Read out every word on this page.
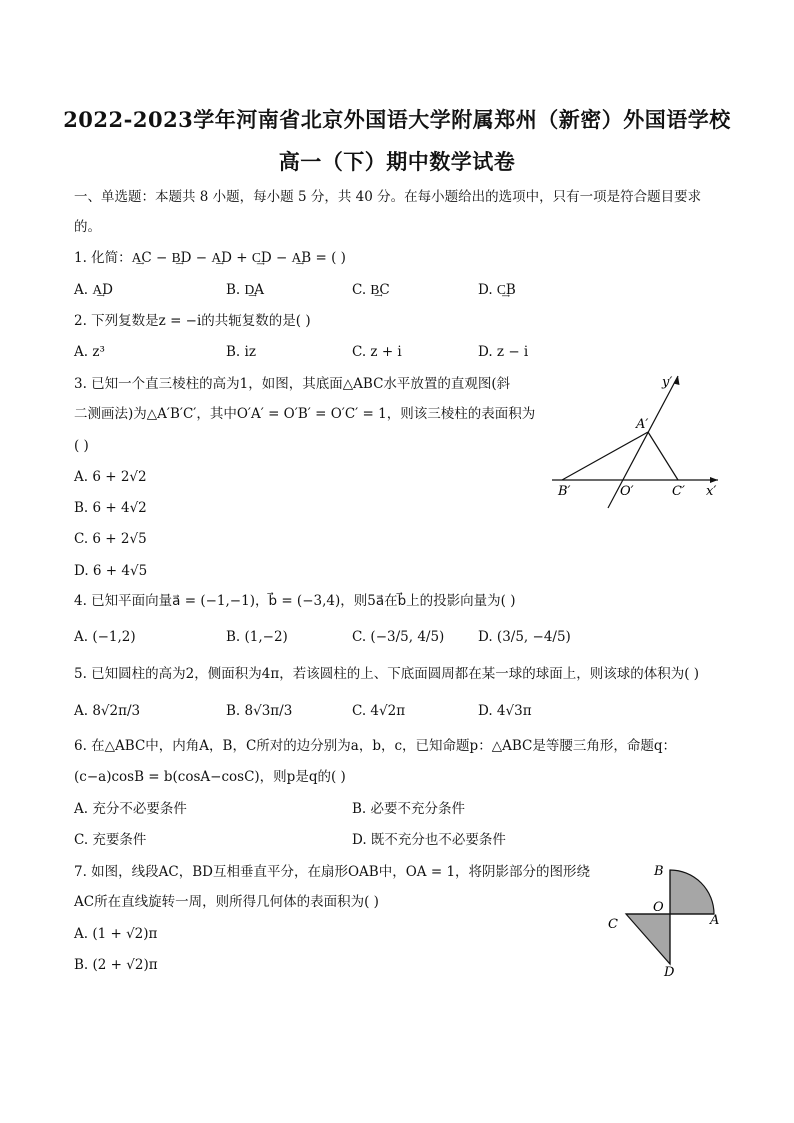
2022-2023学年河南省北京外国语大学附属郑州（新密）外国语学校
高一（下）期中数学试卷
一、单选题：本题共 8 小题，每小题 5 分，共 40 分。在每小题给出的选项中，只有一项是符合题目要求
的。
1. 化简：A͢C − B͢D − A͢D + C͢D − A͢B = ( )
A. A͢D	B. D͢A	C. B͢C	D. C͢B
2. 下列复数是z = −i的共轭复数的是( )
A. z³	B. iz	C. z + i	D. z − i
3. 已知一个直三棱柱的高为1，如图，其底面△ABC水平放置的直观图(斜
二测画法)为△A′B′C′，其中O′A′ = O′B′ = O′C′ = 1，则该三棱柱的表面积为
( )
A. 6 + 2√2
B. 6 + 4√2
C. 6 + 2√5
D. 6 + 4√5
y′
x′
A′
B′	O′	C′
4. 已知平面向量a⃗ = (−1,−1)，b⃗ = (−3,4)，则5a⃗在b⃗上的投影向量为( )
A. (−1,2)	B. (1,−2)	C. (−3/5, 4/5) D. (3/5, −4/5)
5. 已知圆柱的高为2，侧面积为4π，若该圆柱的上、下底面圆周都在某一球的球面上，则该球的体积为( )
A. 8√2π/3	B. 8√3π/3	C. 4√2π	D. 4√3π
6. 在△ABC中，内角A，B，C所对的边分别为a，b，c，已知命题p：△ABC是等腰三角形，命题q：
(c−a)cosB = b(cosA−cosC)，则p是q的( )
A. 充分不必要条件	B. 必要不充分条件
C. 充要条件	D. 既不充分也不必要条件
7. 如图，线段AC，BD互相垂直平分，在扇形OAB中，OA = 1，将阴影部分的图形绕
AC所在直线旋转一周，则所得几何体的表面积为( )
A. (1 + √2)π
B. (2 + √2)π
B
O
A
C
D
